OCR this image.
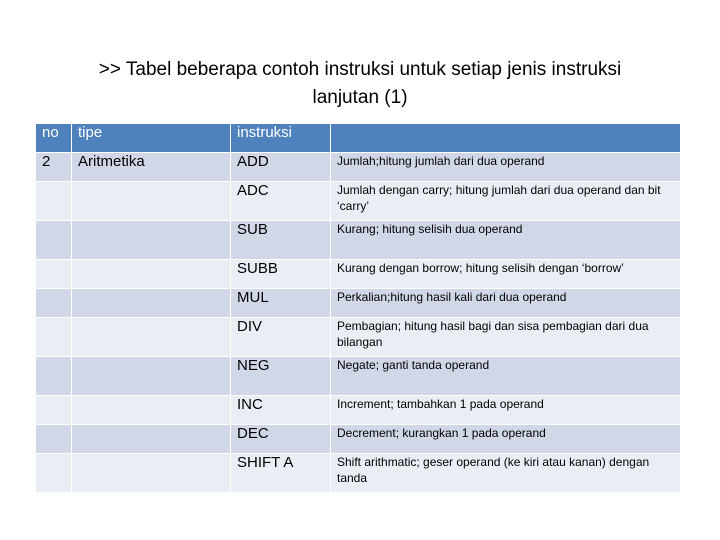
>> Tabel beberapa contoh instruksi untuk setiap jenis instruksi
lanjutan (1)
no	tipe	instruksi	
2	Aritmetika	ADD	Jumlah;hitung jumlah dari dua operand
		ADC	Jumlah dengan carry; hitung jumlah dari dua operand dan bit ‘carry’
		SUB	Kurang; hitung selisih dua operand
		SUBB	Kurang dengan borrow; hitung selisih dengan ‘borrow’
		MUL	Perkalian;hitung hasil kali dari dua operand
		DIV	Pembagian; hitung hasil bagi dan sisa pembagian dari dua bilangan
		NEG	Negate; ganti tanda operand
		INC	Increment; tambahkan 1 pada operand
		DEC	Decrement; kurangkan 1 pada operand
		SHIFT A	Shift arithmatic; geser operand (ke kiri atau kanan) dengan tanda
